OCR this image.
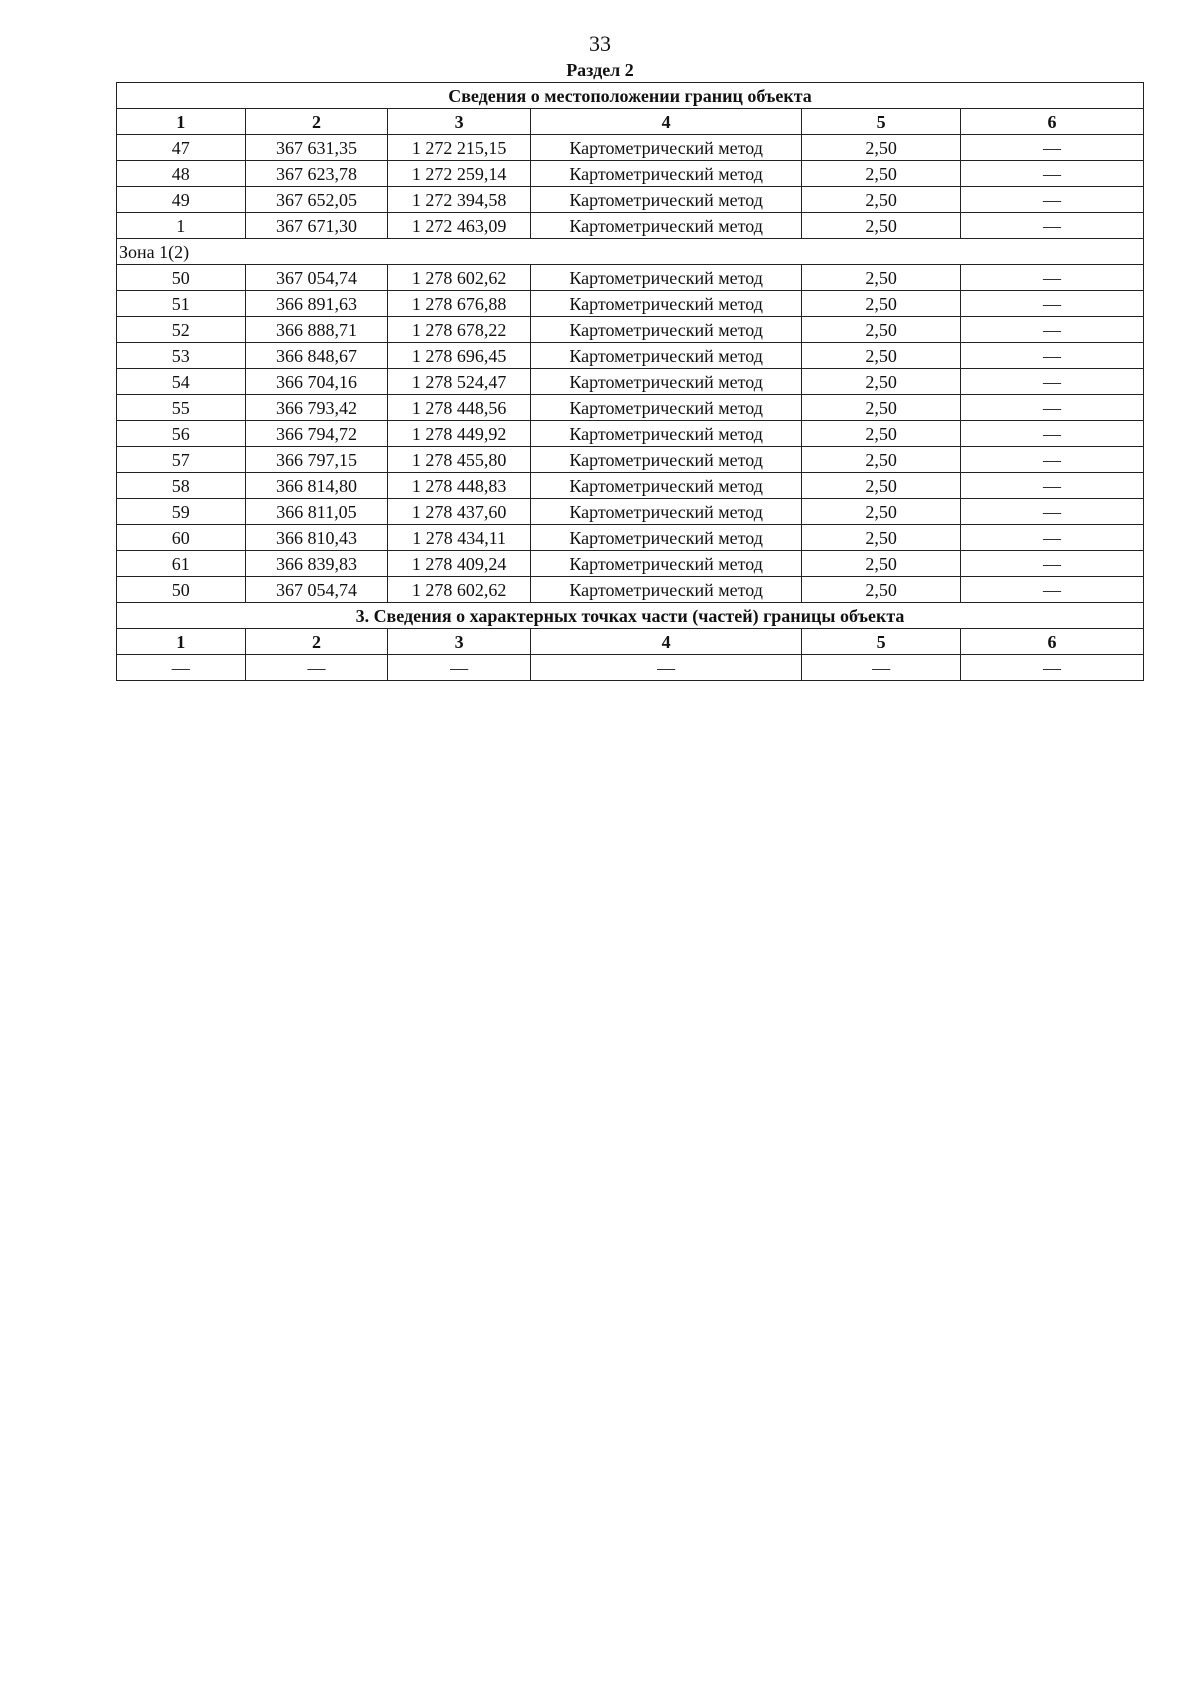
33
Раздел 2
Сведения о местоположении границ объекта					
1	2	3	4	5	6
47	367 631,35	1 272 215,15	Картометрический метод	2,50	—
48	367 623,78	1 272 259,14	Картометрический метод	2,50	—
49	367 652,05	1 272 394,58	Картометрический метод	2,50	—
1	367 671,30	1 272 463,09	Картометрический метод	2,50	—
Зона 1(2)					
50	367 054,74	1 278 602,62	Картометрический метод	2,50	—
51	366 891,63	1 278 676,88	Картометрический метод	2,50	—
52	366 888,71	1 278 678,22	Картометрический метод	2,50	—
53	366 848,67	1 278 696,45	Картометрический метод	2,50	—
54	366 704,16	1 278 524,47	Картометрический метод	2,50	—
55	366 793,42	1 278 448,56	Картометрический метод	2,50	—
56	366 794,72	1 278 449,92	Картометрический метод	2,50	—
57	366 797,15	1 278 455,80	Картометрический метод	2,50	—
58	366 814,80	1 278 448,83	Картометрический метод	2,50	—
59	366 811,05	1 278 437,60	Картометрический метод	2,50	—
60	366 810,43	1 278 434,11	Картометрический метод	2,50	—
61	366 839,83	1 278 409,24	Картометрический метод	2,50	—
50	367 054,74	1 278 602,62	Картометрический метод	2,50	—
3. Сведения о характерных точках части (частей) границы объекта					
1	2	3	4	5	6
—	—	—	—	—	—
